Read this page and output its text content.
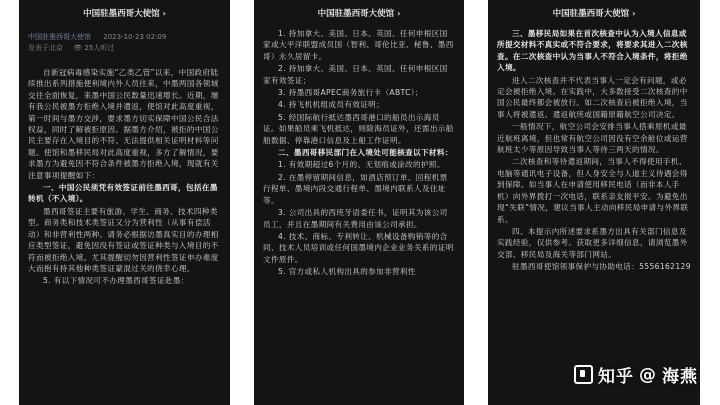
中国驻墨西哥大使馆 ›
中国驻墨西哥大使馆 2023-10-23 02:09
发表于北京 👁 25人听过

自新冠病毒感染实施“乙类乙管”以来，中国政府陆续推出系列措施便利境内外人员往来，中墨两国各领域交往全面恢复，来墨中国公民数量迅速增长。近期，屡有我公民被墨方拒绝入境并遣返，使馆对此高度重视，第一时间与墨方交涉，要求墨方切实保障中国公民合法权益，同时了解被拒原因。据墨方介绍，被拒的中国公民主要存在入境目的不符、无法提供相关证明材料等问题。使馆和墨移民局对此高度重视，多方了解情况，要求墨方为避免因不符合条件被墨方拒绝入境，现就有关注意事项提醒如下：

一、中国公民须凭有效签证前往墨西哥，包括在墨转机（不入境）。

墨西哥签证主要有旅游、学生、商务、技术四种类型。商务类和技术类签证又分为营利性（从事有偿活动）和非营利性两种。请务必根据访墨真实目的办理相应类型签证，避免因没有签证或签证种类与入境目的不符而被拒绝入境。尤其提醒切勿因营利性签证申办难度大而抱有持其他种类签证蒙混过关的侥幸心理。

5. 有以下情况可不办理墨西哥签证赴墨：

中国驻墨西哥大使馆 ›

1. 持加拿大、美国、日本、英国、任何申根区国家或大平洋联盟成员国（智利、哥伦比亚、秘鲁、墨西哥）永久居留卡。

2. 持加拿大、美国、日本、英国、任何申根区国家有效签证；

3. 持墨西哥APEC商务旅行卡（ABTC）；

4. 持飞机机组成员有效证明；

5. 经国际航行抵达墨西哥港口的船员出示海员证。如果船员乘飞机抵达，则除海员证外，还需出示船舶数据、停靠港口信息及上船工作证明。

二、墨西哥移民部门在入境处可能核查以下材料：

1. 有效期超过6个月的、无划痕或涂改的护照。

2. 在墨停留期间信息，如酒店预订单、回程机票行程单、墨境内段交通行程单、墨境内联系人及住址等。

3. 公司出具的西班牙语委任书，证明其为该公司员工，并且在墨期间有关费用由该公司承担。

4. 技术、商标、专利转让、机械设备购销等的合同、技术人员培训或任何国墨境内企业业务关系的证明文件原件。

5. 官方或私人机构出具的参加非营利性

中国驻墨西哥大使馆 ›

三、墨移民局如果在首次核查中认为入境人信息或所提交材料不真实或不符合要求，将要求其进入二次核查。在二次核查中认为当事人不符合入境条件，将拒绝入境。

进入二次核查并不代表当事人一定会有问题，或必定会被拒绝入境。在实践中，大多数接受二次核查的中国公民最终都会被放行。如二次核查后被拒绝入境，当事人将被遣返。遣返航班或国籍原籍航空公司决定。

一般情况下，航空公司会安排当事人搭乘原机或最近航班离境，但也常有航空公司因没有空余舱位或运营航班太少等原因导致当事人等待三两天的情况。

二次核查和等待遣返期间，当事人不得使用手机、电脑等通讯电子设备，但人身安全与人道主义待遇会得到保障。如当事人在申请使用移民电话（而非本人手机）向外界拨打一次电话，联系亲友报平安。为避免出现“失联”情况，建议当事人主动向移民局申请与外界联系。

四、本提示内所述要求系墨方出具有关部门信息及实践经验，仅供参考。获取更多详细信息，请浏览墨外交部、移民局及海关等部门网站。

驻墨西哥使馆领事保护与协助电话：5556162129

知乎 @ 海燕
